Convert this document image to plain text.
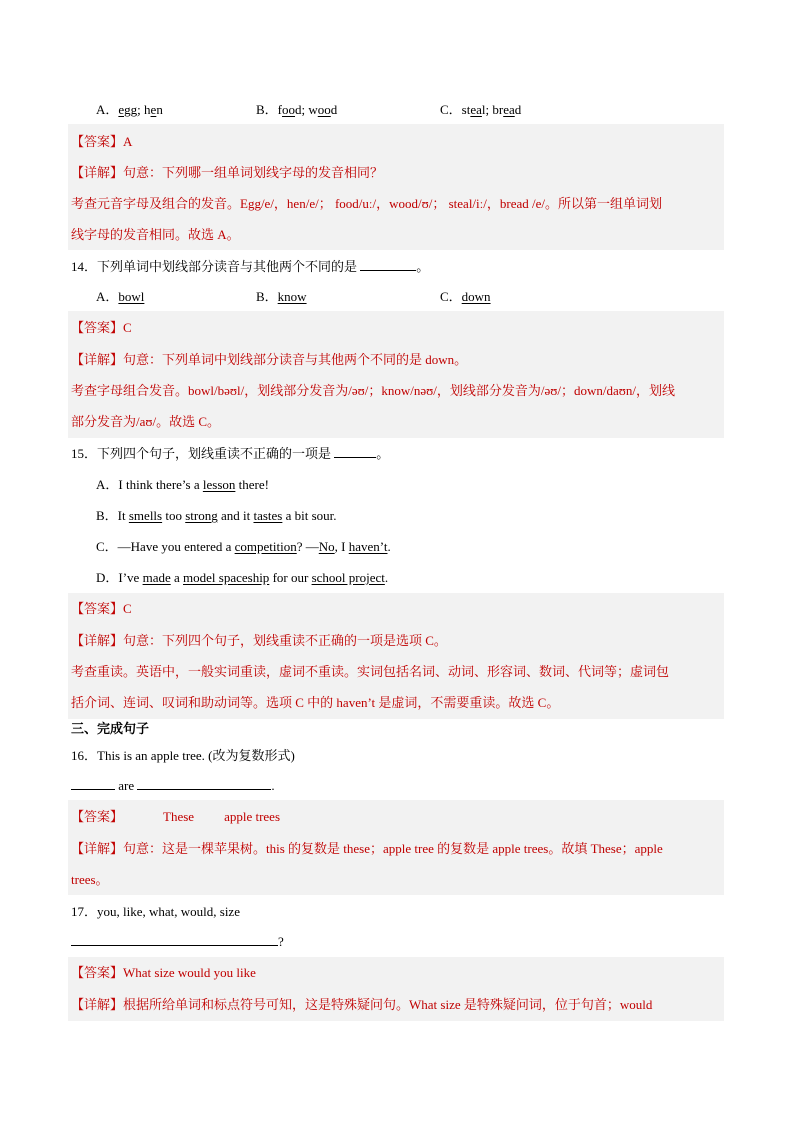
A．egg; hen	B．food; wood	C．steal; bread
【答案】A
【详解】句意：下列哪一组单词划线字母的发音相同？
考查元音字母及组合的发音。Egg/e/，hen/e/； food/uː/，wood/ʊ/； steal/iː/，bread /e/。所以第一组单词划
线字母的发音相同。故选 A。
14．下列单词中划线部分读音与其他两个不同的是	。
A．bowl	B．know	C．down
【答案】C
【详解】句意：下列单词中划线部分读音与其他两个不同的是 down。
考查字母组合发音。bowl/bəʊl/，划线部分发音为/əʊ/；know/nəʊ/，划线部分发音为/əʊ/；down/daʊn/，划线
部分发音为/aʊ/。故选 C。
15．下列四个句子，划线重读不正确的一项是	。
A．I think there’s a lesson there!
B．It smells too strong and it tastes a bit sour.
C．—Have you entered a competition? —No, I haven’t.
D．I’ve made a model spaceship for our school project.
【答案】C
【详解】句意：下列四个句子，划线重读不正确的一项是选项 C。
考查重读。英语中，一般实词重读，虚词不重读。实词包括名词、动词、形容词、数词、代词等；虚词包
括介词、连词、叹词和助动词等。选项 C 中的 haven’t 是虚词，不需要重读。故选 C。
三、完成句子
16．This is an apple tree. (改为复数形式)
are	.
【答案】	These apple trees
【详解】句意：这是一棵苹果树。this 的复数是 these；apple tree 的复数是 apple trees。故填 These；apple
trees。
17．you, like, what, would, size
?
【答案】What size would you like
【详解】根据所给单词和标点符号可知，这是特殊疑问句。What size 是特殊疑问词，位于句首；would
